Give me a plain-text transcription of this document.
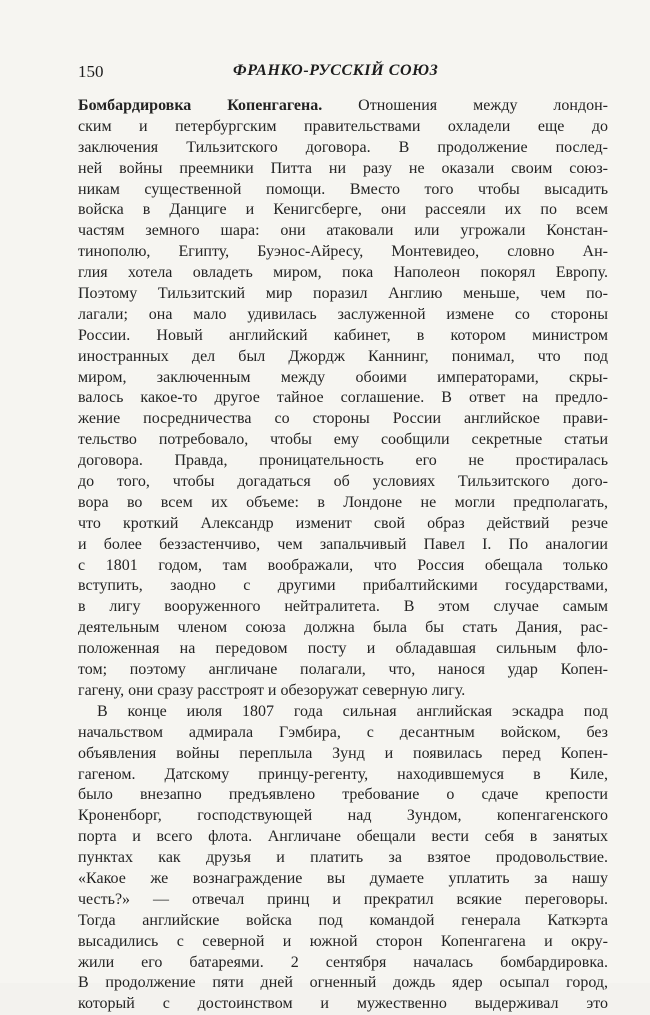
150	ФРАНКО-РУССКІЙ СОЮЗ
Бомбардировка Копенгагена. Отношения между лондон-
ским и петербургским правительствами охладели еще до
заключения Тильзитского договора. В продолжение послед-
ней войны преемники Питта ни разу не оказали своим союз-
никам существенной помощи. Вместо того чтобы высадить
войска в Данциге и Кенигсберге, они рассеяли их по всем
частям земного шара: они атаковали или угрожали Констан-
тинополю, Египту, Буэнос-Айресу, Монтевидео, словно Ан-
глия хотела овладеть миром, пока Наполеон покорял Европу.
Поэтому Тильзитский мир поразил Англию меньше, чем по-
лагали; она мало удивилась заслуженной измене со стороны
России. Новый английский кабинет, в котором министром
иностранных дел был Джордж Каннинг, понимал, что под
миром, заключенным между обоими императорами, скры-
валось какое-то другое тайное соглашение. В ответ на предло-
жение посредничества со стороны России английское прави-
тельство потребовало, чтобы ему сообщили секретные статьи
договора. Правда, проницательность его не простиралась
до того, чтобы догадаться об условиях Тильзитского дого-
вора во всем их объеме: в Лондоне не могли предполагать,
что кроткий Александр изменит свой образ действий резче
и более беззастенчиво, чем запальчивый Павел I. По аналогии
с 1801 годом, там воображали, что Россия обещала только
вступить, заодно с другими прибалтийскими государствами,
в лигу вооруженного нейтралитета. В этом случае самым
деятельным членом союза должна была бы стать Дания, рас-
положенная на передовом посту и обладавшая сильным фло-
том; поэтому англичане полагали, что, нанося удар Копен-
гагену, они сразу расстроят и обезоружат северную лигу.
В конце июля 1807 года сильная английская эскадра под
начальством адмирала Гэмбира, с десантным войском, без
объявления войны переплыла Зунд и появилась перед Копен-
гагеном. Датскому принцу-регенту, находившемуся в Киле,
было внезапно предъявлено требование о сдаче крепости
Кроненборг, господствующей над Зундом, копенгагенского
порта и всего флота. Англичане обещали вести себя в занятых
пунктах как друзья и платить за взятое продовольствие.
«Какое же вознаграждение вы думаете уплатить за нашу
честь?» — отвечал принц и прекратил всякие переговоры.
Тогда английские войска под командой генерала Каткэрта
высадились с северной и южной сторон Копенгагена и окру-
жили его батареями. 2 сентября началась бомбардировка.
В продолжение пяти дней огненный дождь ядер осыпал город,
который с достоинством и мужественно выдерживал это
